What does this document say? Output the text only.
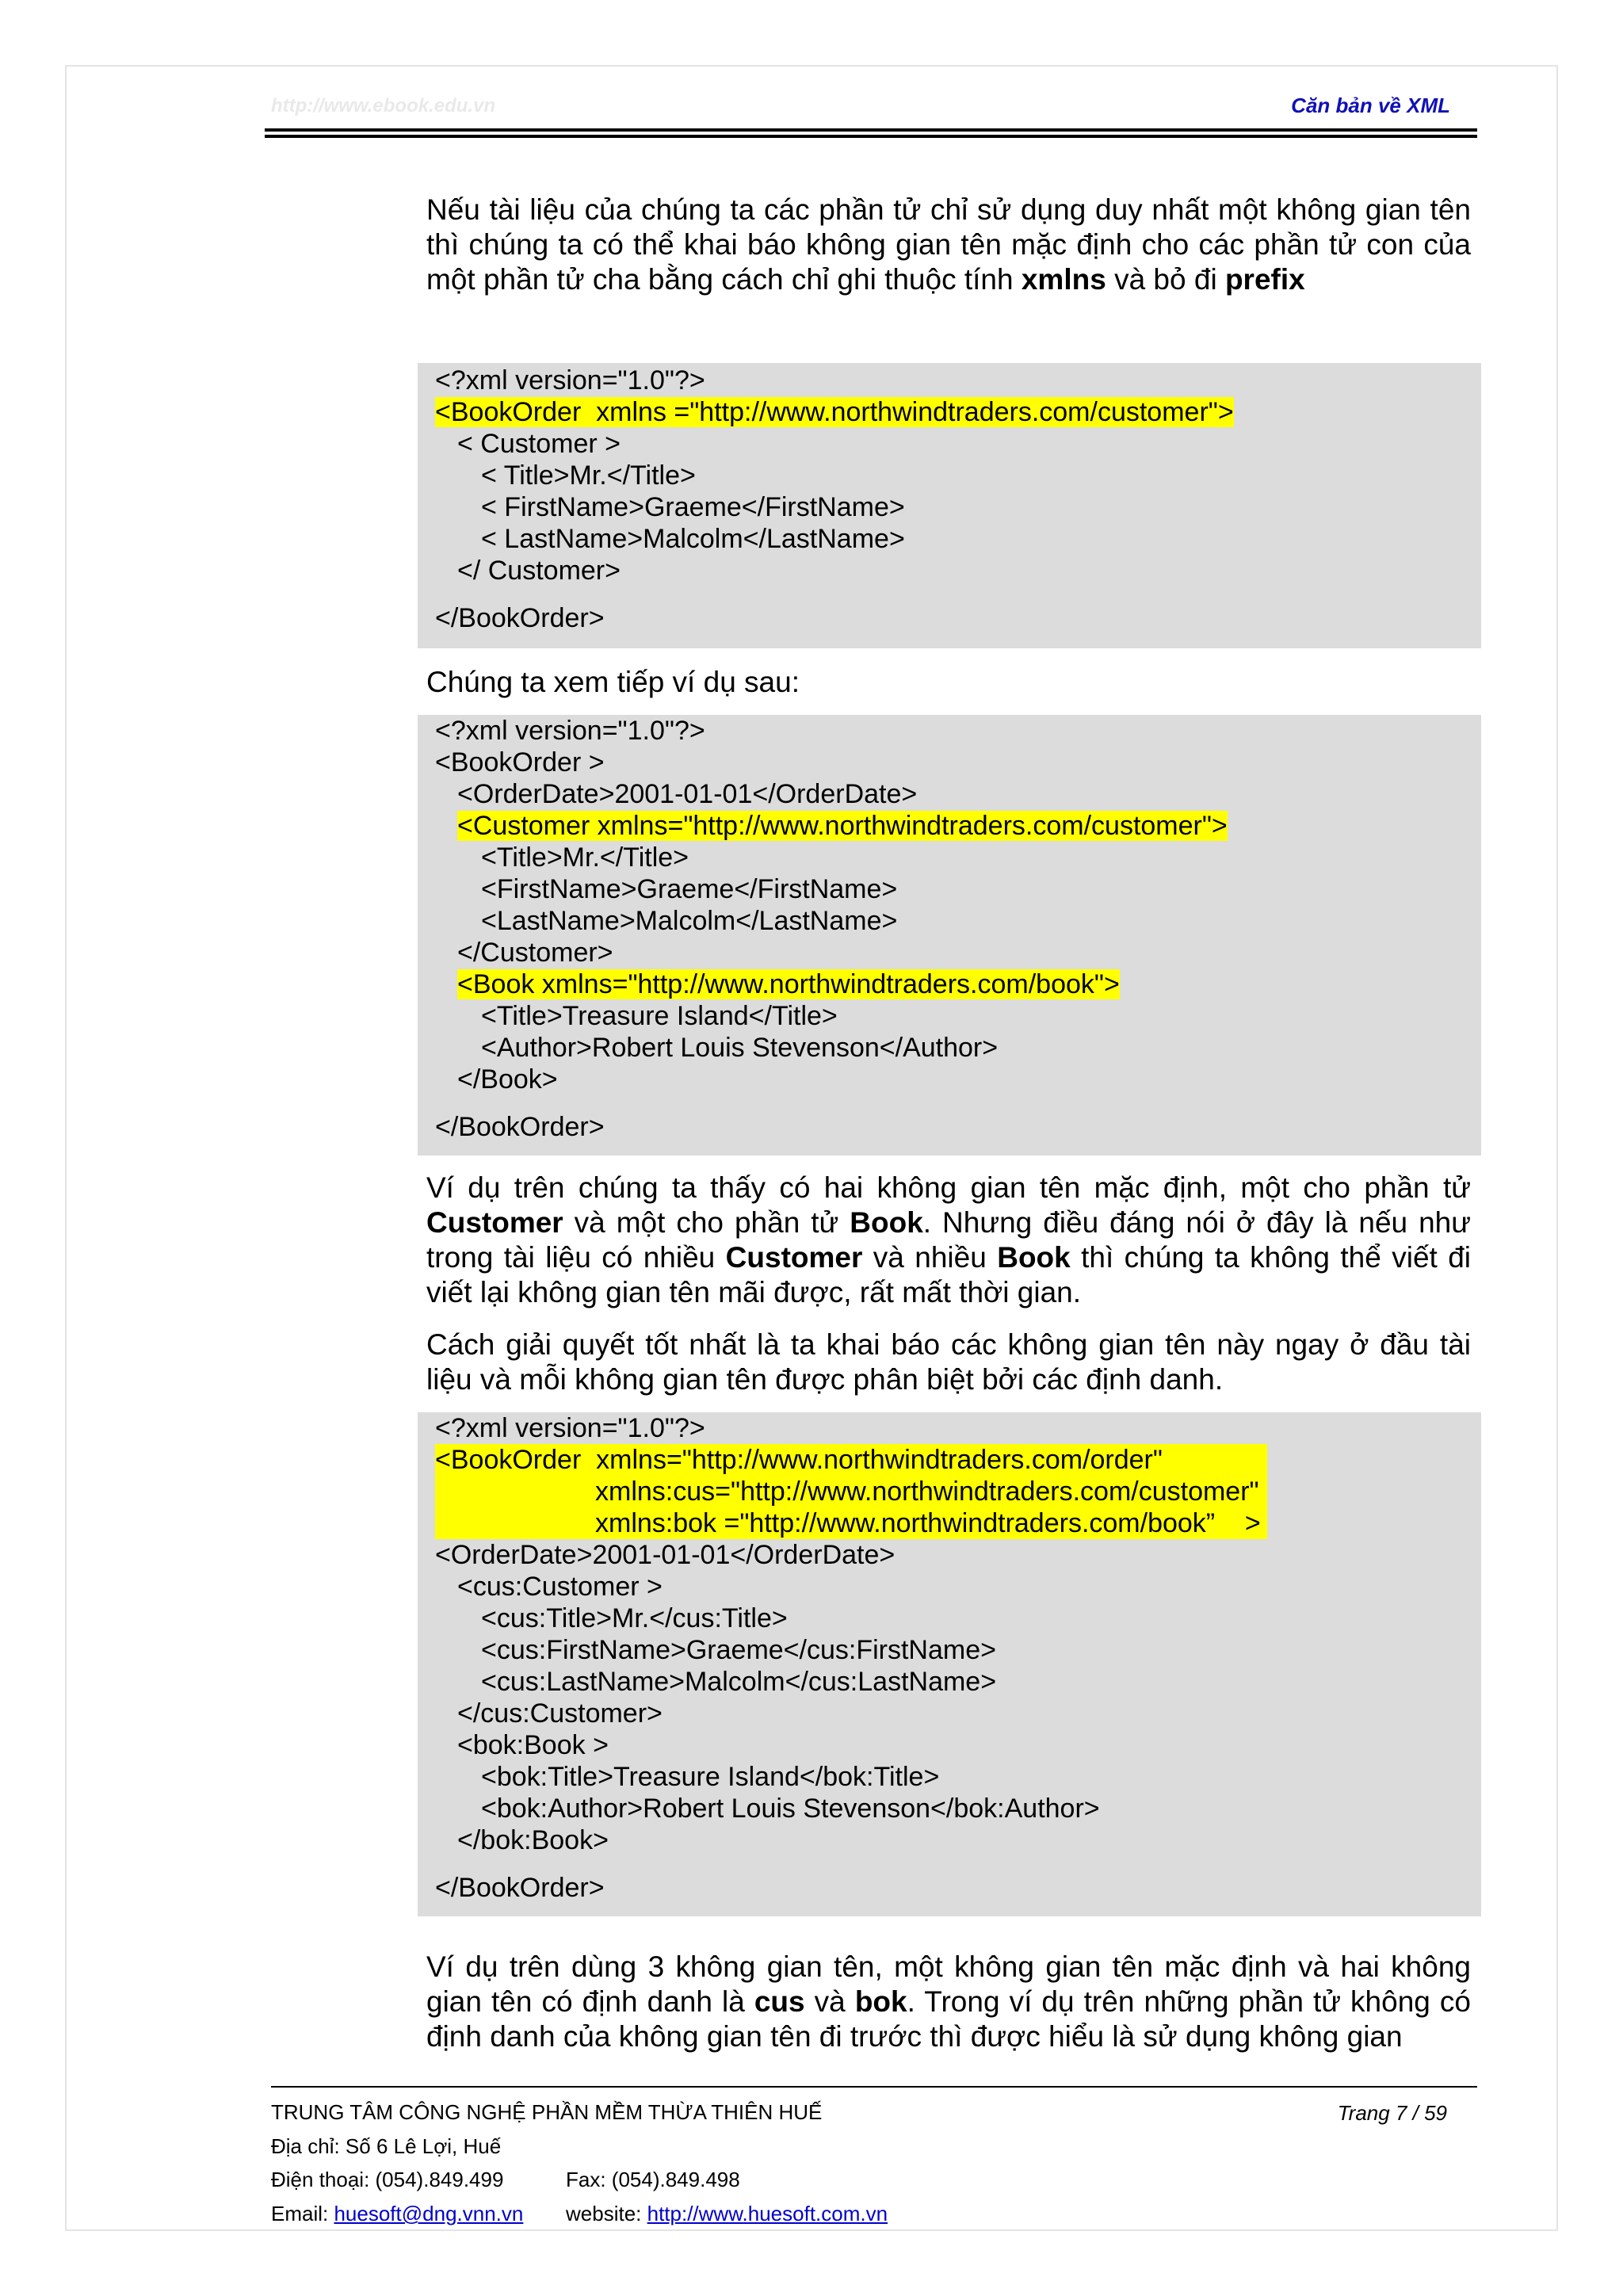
http://www.ebook.edu.vn	Căn bản về XML

Nếu tài liệu của chúng ta các phần tử chỉ sử dụng duy nhất một không gian tên thì chúng ta có thể khai báo không gian tên mặc định cho các phần tử con của một phần tử cha bằng cách chỉ ghi thuộc tính xmlns và bỏ đi prefix

<?xml version="1.0"?>
<BookOrder  xmlns ="http://www.northwindtraders.com/customer">
< Customer >
< Title>Mr.</Title>
< FirstName>Graeme</FirstName>
< LastName>Malcolm</LastName>
</ Customer>
</BookOrder>

Chúng ta xem tiếp ví dụ sau:

<?xml version="1.0"?>
<BookOrder >
<OrderDate>2001-01-01</OrderDate>
<Customer xmlns="http://www.northwindtraders.com/customer">
<Title>Mr.</Title>
<FirstName>Graeme</FirstName>
<LastName>Malcolm</LastName>
</Customer>
<Book xmlns="http://www.northwindtraders.com/book">
<Title>Treasure Island</Title>
<Author>Robert Louis Stevenson</Author>
</Book>
</BookOrder>

Ví dụ trên chúng ta thấy có hai không gian tên mặc định, một cho phần tử Customer và một cho phần tử Book. Nhưng điều đáng nói ở đây là nếu như trong tài liệu có nhiều Customer và nhiều Book thì chúng ta không thể viết đi viết lại không gian tên mãi được, rất mất thời gian.

Cách giải quyết tốt nhất là ta khai báo các không gian tên này ngay ở đầu tài liệu và mỗi không gian tên được phân biệt bởi các định danh.

<?xml version="1.0"?>
<BookOrder  xmlns="http://www.northwindtraders.com/order"
xmlns:cus="http://www.northwindtraders.com/customer"
xmlns:bok ="http://www.northwindtraders.com/book”    >
<OrderDate>2001-01-01</OrderDate>
<cus:Customer >
<cus:Title>Mr.</cus:Title>
<cus:FirstName>Graeme</cus:FirstName>
<cus:LastName>Malcolm</cus:LastName>
</cus:Customer>
<bok:Book >
<bok:Title>Treasure Island</bok:Title>
<bok:Author>Robert Louis Stevenson</bok:Author>
</bok:Book>
</BookOrder>

Ví dụ trên dùng 3 không gian tên, một không gian tên mặc định và hai không gian tên có định danh là cus và bok. Trong ví dụ trên những phần tử không có định danh của không gian tên đi trước thì được hiểu là sử dụng không gian

TRUNG TÂM CÔNG NGHỆ PHẦN MỀM THỪA THIÊN HUẾ	Trang 7 / 59
Địa chỉ: Số 6 Lê Lợi, Huế
Điện thoại: (054).849.499	Fax: (054).849.498
Email: huesoft@dng.vnn.vn website: http://www.huesoft.com.vn
